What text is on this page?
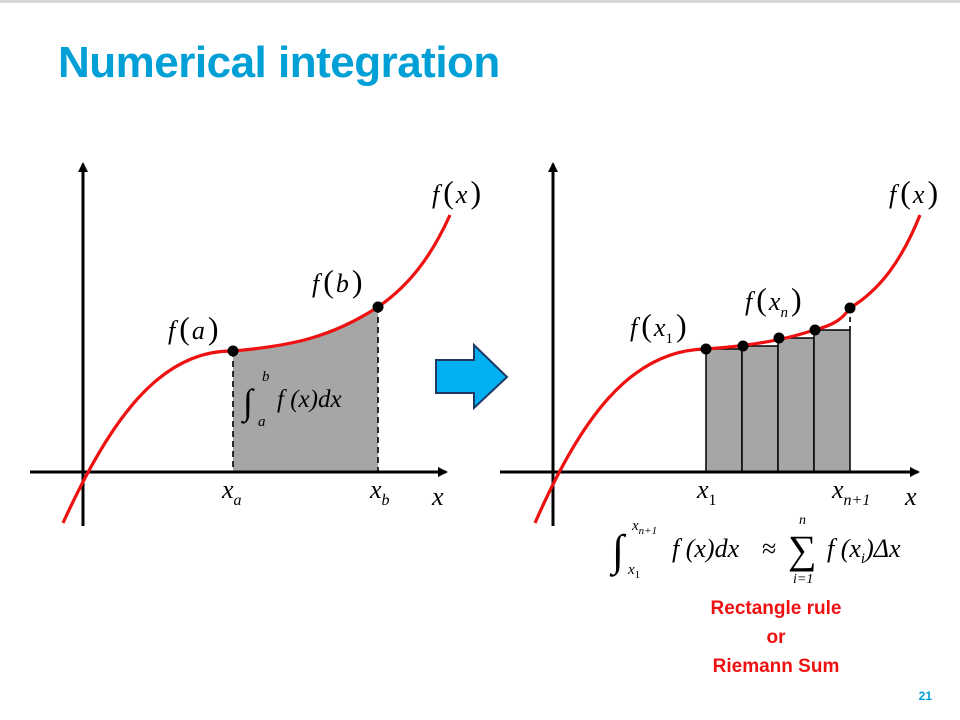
Numerical integration
f (x)
f (b)
f (a)
∫
b
a
f (x)dx
$x_a$	$x_b$ x
f (x)
f $(x_n)$
f $(x_1)$
$x_1$	$x_{n+1}$ x
∫ $x_{n+1}$
$x_1$
f (x)dx ≈ ∑
n
i=1
f $(x_i)\Delta x$
Rectangle rule
or
Riemann Sum
21
